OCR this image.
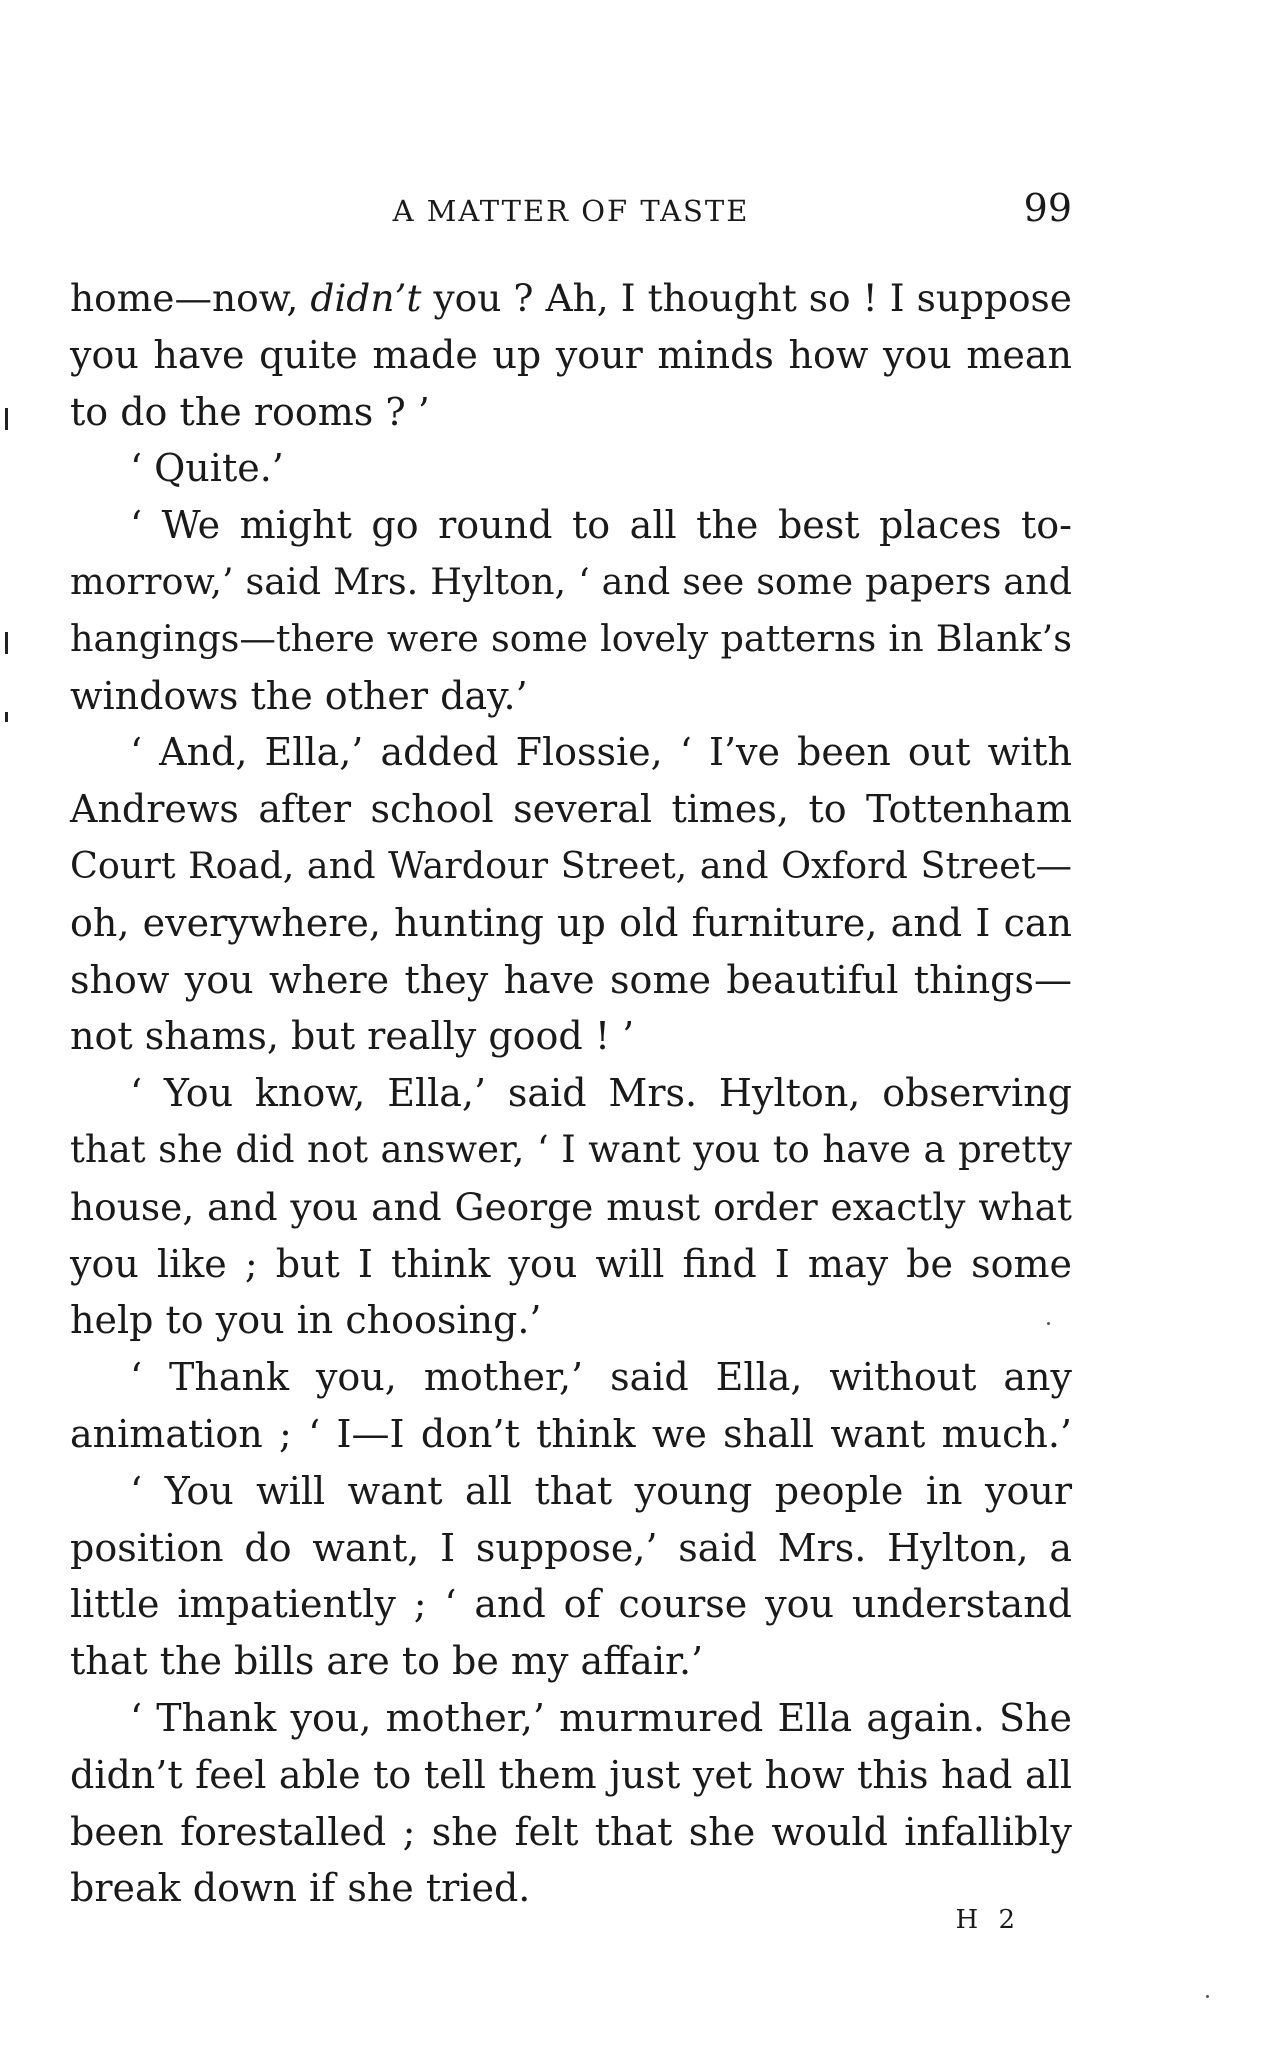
A MATTER OF TASTE	99
home—now, didn’t you ? Ah, I thought so ! I suppose
you have quite made up your minds how you mean
to do the rooms ? ’
‘ Quite.’
‘ We might go round to all the best places to-
morrow,’ said Mrs. Hylton, ‘ and see some papers and
hangings—there were some lovely patterns in Blank’s
windows the other day.’
‘ And, Ella,’ added Flossie, ‘ I’ve been out with
Andrews after school several times, to Tottenham
Court Road, and Wardour Street, and Oxford Street—
oh, everywhere, hunting up old furniture, and I can
show you where they have some beautiful things—
not shams, but really good ! ’
‘ You know, Ella,’ said Mrs. Hylton, observing
that she did not answer, ‘ I want you to have a pretty
house, and you and George must order exactly what
you like ; but I think you will find I may be some
help to you in choosing.’
‘ Thank you, mother,’ said Ella, without any
animation ; ‘ I—I don’t think we shall want much.’
‘ You will want all that young people in your
position do want, I suppose,’ said Mrs. Hylton, a
little impatiently ; ‘ and of course you understand
that the bills are to be my affair.’
‘ Thank you, mother,’ murmured Ella again. She
didn’t feel able to tell them just yet how this had all
been forestalled ; she felt that she would infallibly
break down if she tried.
H 2
